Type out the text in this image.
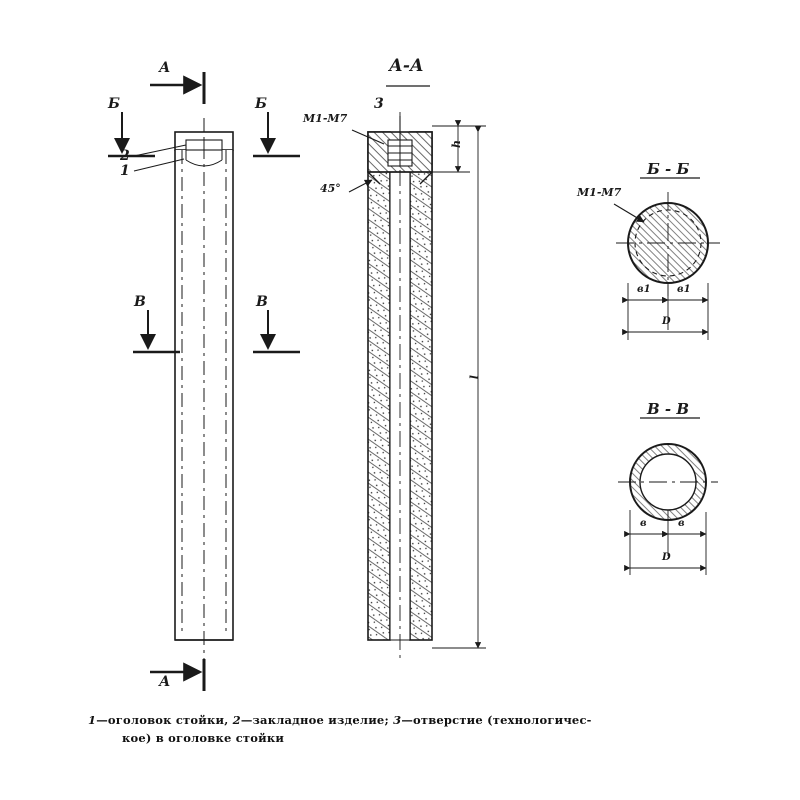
А
А
Б	Б
В	В
2
1
А-А
3
М1-М7
45°
h
l
Б - Б
М1-М7
в1	в1
D
В - В
в	в
D
1—оголовок стойки, 2—закладное изделие; 3—отверстие (технологичес-
кое) в оголовке стойки
